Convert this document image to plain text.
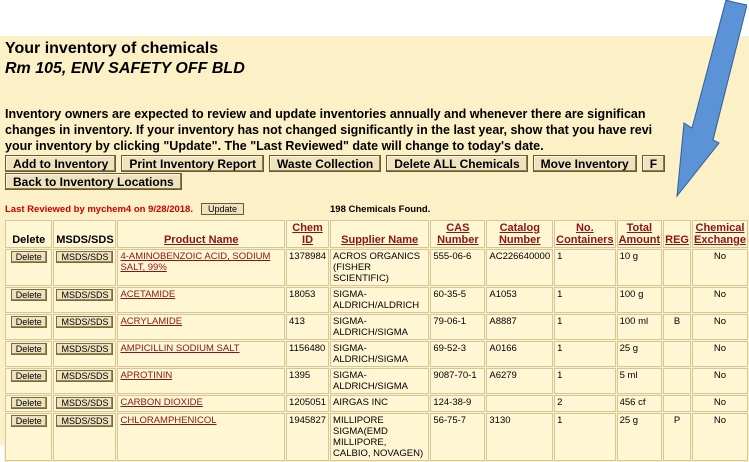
Your inventory of chemicals
Rm 105, ENV SAFETY OFF BLD
Inventory owners are expected to review and update inventories annually and whenever there are significan
changes in inventory. If your inventory has not changed significantly in the last year, show that you have revi
your inventory by clicking "Update". The "Last Reviewed" date will change to today's date.
Add to Inventory	Print Inventory Report	Waste Collection	Delete ALL Chemicals	Move Inventory	F
Back to Inventory Locations
Last Reviewed by mychem4 on 9/28/2018.	Update	198 Chemicals Found.
Delete	MSDS/SDS	Product Name	Chem ID	Supplier Name	CAS Number	Catalog Number	No. Containers	Total Amount	REG	Chemical Exchange
Delete	MSDS/SDS	4-AMINOBENZOIC ACID, SODIUM SALT, 99%	1378984	ACROS ORGANICS (FISHER SCIENTIFIC)	555-06-6	AC226640000	1	10 g		No
Delete	MSDS/SDS	ACETAMIDE	18053	SIGMA-ALDRICH/ALDRICH	60-35-5	A1053	1	100 g		No
Delete	MSDS/SDS	ACRYLAMIDE	413	SIGMA-ALDRICH/SIGMA	79-06-1	A8887	1	100 ml	B	No
Delete	MSDS/SDS	AMPICILLIN SODIUM SALT	1156480	SIGMA-ALDRICH/SIGMA	69-52-3	A0166	1	25 g		No
Delete	MSDS/SDS	APROTININ	1395	SIGMA-ALDRICH/SIGMA	9087-70-1	A6279	1	5 ml		No
Delete	MSDS/SDS	CARBON DIOXIDE	1205051	AIRGAS INC	124-38-9		2	456 cf		No
Delete	MSDS/SDS	CHLORAMPHENICOL	1945827	MILLIPORE SIGMA(EMD MILLIPORE, CALBIO, NOVAGEN)	56-75-7	3130	1	25 g	P	No
